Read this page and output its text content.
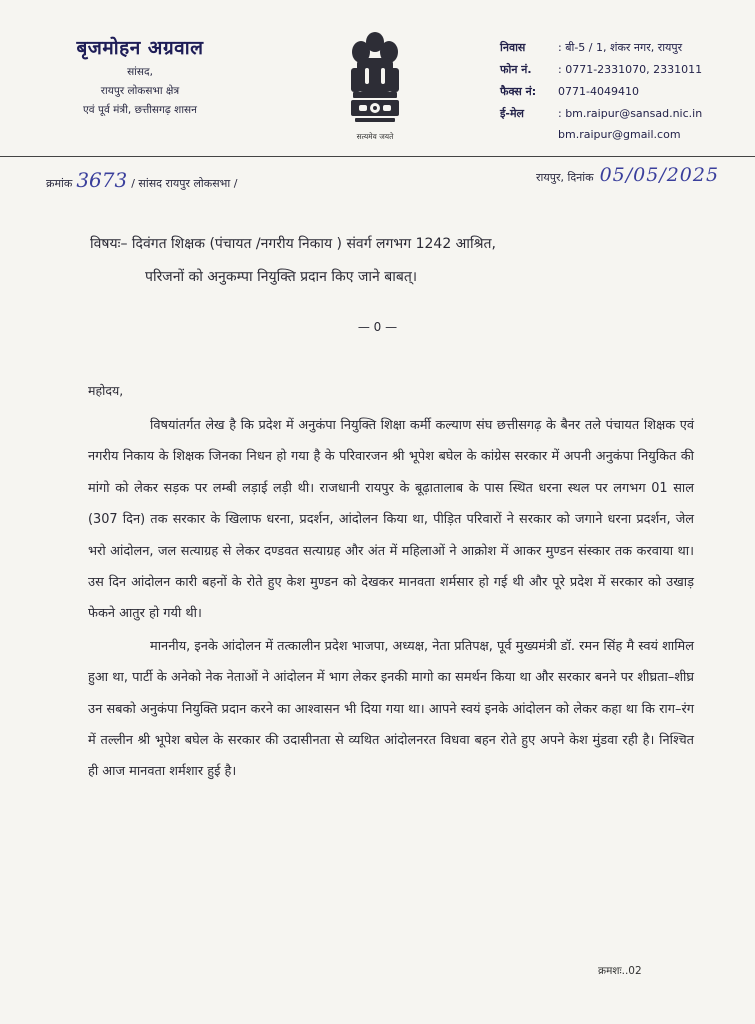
बृजमोहन अग्रवाल
सांसद,
रायपुर लोकसभा क्षेत्र
एवं पूर्व मंत्री, छत्तीसगढ़ शासन
सत्यमेव जयते
निवास	: बी-5 / 1, शंकर नगर, रायपुर
फोन नं.	: 0771-2331070, 2331011
फैक्स नं:	0771-4049410
ई-मेल	: bm.raipur@sansad.nic.in
bm.raipur@gmail.com
क्रमांक 3673 / सांसद रायपुर लोकसभा /	रायपुर, दिनांक 05/05/2025
विषयः– दिवंगत शिक्षक (पंचायत /नगरीय निकाय ) संवर्ग लगभग 1242 आश्रित,
परिजनों को अनुकम्पा नियुक्ति प्रदान किए जाने बाबत्।
— 0 —
महोदय,

विषयांतर्गत लेख है कि प्रदेश में अनुकंपा नियुक्ति शिक्षा कर्मी कल्याण संघ छत्तीसगढ़ के बैनर तले पंचायत शिक्षक एवं नगरीय निकाय के शिक्षक जिनका निधन हो गया है के परिवारजन श्री भूपेश बघेल के कांग्रेस सरकार में अपनी अनुकंपा नियुकित की मांगो को लेकर सड़क पर लम्बी लड़ाई लड़ी थी। राजधानी रायपुर के बूढ़ातालाब के पास स्थित धरना स्थल पर लगभग 01 साल (307 दिन) तक सरकार के खिलाफ धरना, प्रदर्शन, आंदोलन किया था, पीड़ित परिवारों ने सरकार को जगाने धरना प्रदर्शन, जेल भरो आंदोलन, जल सत्याग्रह से लेकर दण्डवत सत्याग्रह और अंत में महिलाओं ने आक्रोश में आकर मुण्डन संस्कार तक करवाया था। उस दिन आंदोलन कारी बहनों के रोते हुए केश मुण्डन को देखकर मानवता शर्मसार हो गई थी और पूरे प्रदेश में सरकार को उखाड़ फेकने आतुर हो गयी थी।

माननीय, इनके आंदोलन में तत्कालीन प्रदेश भाजपा, अध्यक्ष, नेता प्रतिपक्ष, पूर्व मुख्यमंत्री डॉ. रमन सिंह मै स्वयं शामिल हुआ था, पार्टी के अनेको नेक नेताओं ने आंदोलन में भाग लेकर इनकी मागो का समर्थन किया था और सरकार बनने पर शीघ्रता–शीघ्र उन सबको अनुकंपा नियुक्ति प्रदान करने का आश्वासन भी दिया गया था। आपने स्वयं इनके आंदोलन को लेकर कहा था कि राग–रंग में तल्लीन श्री भूपेश बघेल के सरकार की उदासीनता से व्यथित आंदोलनरत विधवा बहन रोते हुए अपने केश मुंडवा रही है। निश्चित ही आज मानवता शर्मशार हुई है।

क्रमशः..02
